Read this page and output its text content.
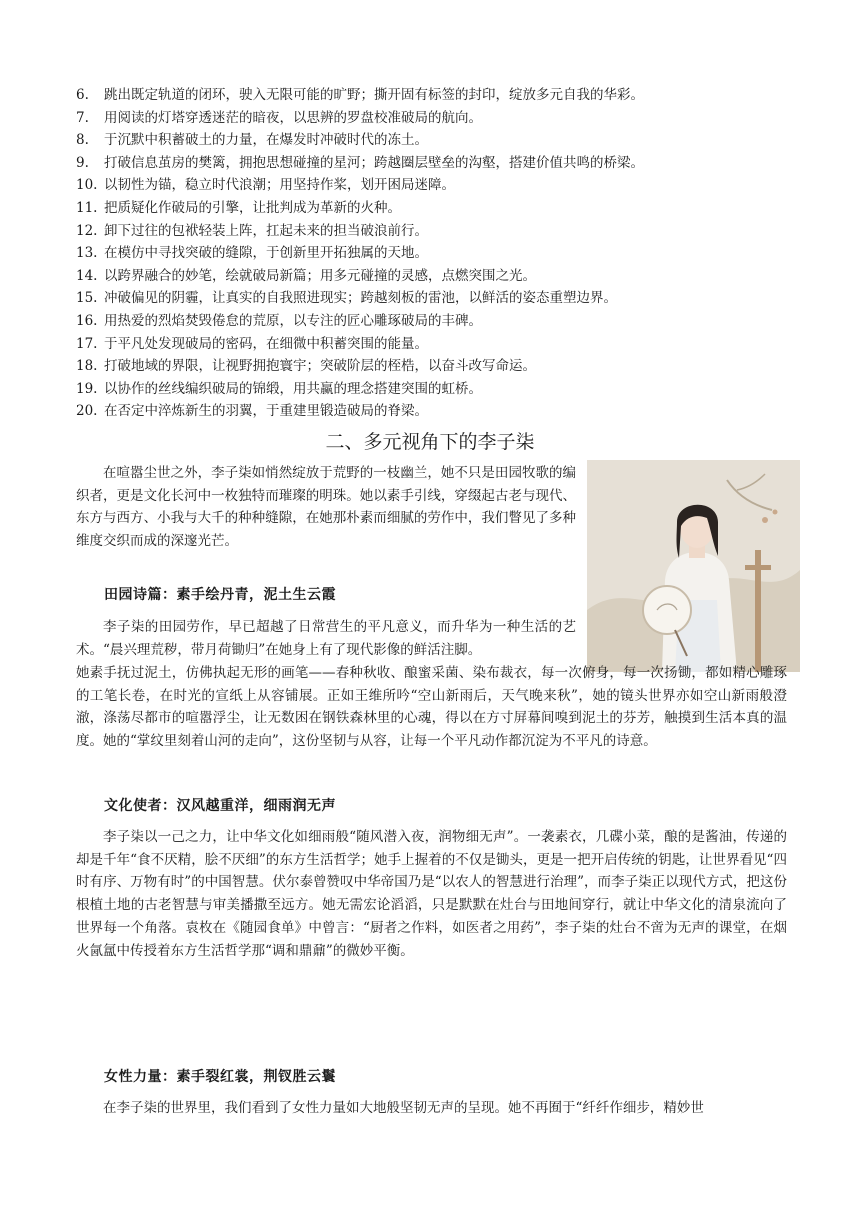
6.	跳出既定轨道的闭环，驶入无限可能的旷野；撕开固有标签的封印，绽放多元自我的华彩。
7.	用阅读的灯塔穿透迷茫的暗夜，以思辨的罗盘校准破局的航向。
8.	于沉默中积蓄破土的力量，在爆发时冲破时代的冻土。
9.	打破信息茧房的樊篱，拥抱思想碰撞的星河；跨越圈层壁垒的沟壑，搭建价值共鸣的桥梁。
10. 以韧性为锚，稳立时代浪潮；用坚持作桨，划开困局迷障。
11. 把质疑化作破局的引擎，让批判成为革新的火种。
12. 卸下过往的包袱轻装上阵，扛起未来的担当破浪前行。
13. 在模仿中寻找突破的缝隙，于创新里开拓独属的天地。
14. 以跨界融合的妙笔，绘就破局新篇；用多元碰撞的灵感，点燃突围之光。
15. 冲破偏见的阴霾，让真实的自我照进现实；跨越刻板的雷池，以鲜活的姿态重塑边界。
16. 用热爱的烈焰焚毁倦怠的荒原，以专注的匠心雕琢破局的丰碑。
17. 于平凡处发现破局的密码，在细微中积蓄突围的能量。
18. 打破地域的界限，让视野拥抱寰宇；突破阶层的桎梏，以奋斗改写命运。
19. 以协作的丝线编织破局的锦缎，用共赢的理念搭建突围的虹桥。
20. 在否定中淬炼新生的羽翼，于重建里锻造破局的脊梁。
二、多元视角下的李子柒

在喧嚣尘世之外，李子柒如悄然绽放于荒野的一枝幽兰，她不只是田园牧歌的编织者，更是文化长河中一枚独特而璀璨的明珠。她以素手引线，穿缀起古老与现代、东方与西方、小我与大千的种种缝隙，在她那朴素而细腻的劳作中，我们瞥见了多种维度交织而成的深邃光芒。

田园诗篇：素手绘丹青，泥土生云霞

李子柒的田园劳作，早已超越了日常营生的平凡意义，而升华为一种生活的艺术。“晨兴理荒秽，带月荷锄归”在她身上有了现代影像的鲜活注脚。

她素手抚过泥土，仿佛执起无形的画笔——春种秋收、酿蜜采菌、染布裁衣，每一次俯身，每一次扬锄，都如精心雕琢的工笔长卷，在时光的宣纸上从容铺展。正如王维所吟“空山新雨后，天气晚来秋”，她的镜头世界亦如空山新雨般澄澈，涤荡尽都市的喧嚣浮尘，让无数困在钢铁森林里的心魂，得以在方寸屏幕间嗅到泥土的芬芳，触摸到生活本真的温度。她的“掌纹里刻着山河的走向”，这份坚韧与从容，让每一个平凡动作都沉淀为不平凡的诗意。

文化使者：汉风越重洋，细雨润无声

李子柒以一己之力，让中华文化如细雨般“随风潜入夜，润物细无声”。一袭素衣，几碟小菜，酿的是酱油，传递的却是千年“食不厌精，脍不厌细”的东方生活哲学；她手上握着的不仅是锄头，更是一把开启传统的钥匙，让世界看见“四时有序、万物有时”的中国智慧。伏尔泰曾赞叹中华帝国乃是“以农人的智慧进行治理”，而李子柒正以现代方式，把这份根植土地的古老智慧与审美播撒至远方。她无需宏论滔滔，只是默默在灶台与田地间穿行，就让中华文化的清泉流向了世界每一个角落。袁枚在《随园食单》中曾言：“厨者之作料，如医者之用药”，李子柒的灶台不啻为无声的课堂，在烟火氤氲中传授着东方生活哲学那“调和鼎鼐”的微妙平衡。

女性力量：素手裂红裳，荆钗胜云鬟

在李子柒的世界里，我们看到了女性力量如大地般坚韧无声的呈现。她不再囿于“纤纤作细步，精妙世
